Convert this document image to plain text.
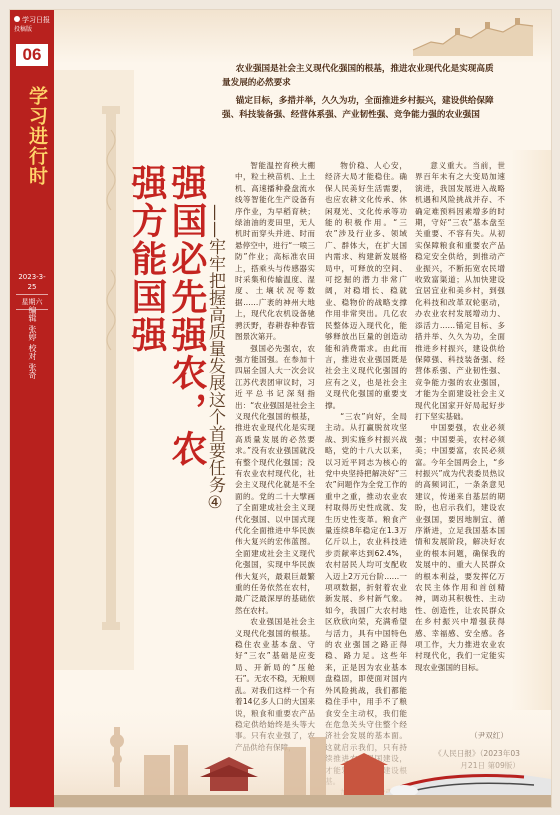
学习日报
投稿版
06
学习进行时
2023-3-25
星期六
编辑
张婷
校对
张奇

农业强国是社会主义现代化强国的根基，推进农业现代化是实现高质量发展的必然要求

锚定目标，多措并举，久久为功，全面推进乡村振兴，建设供给保障强、科技装备强、经营体系强、产业韧性强、竞争能力强的农业强国

强国必先强农，农强方能国强	——牢牢把握高质量发展这个首要任务④

智能温控育秧大棚中，粒土秧苗机、上土机、高速播种叠盘流水线等智能化生产设备有序作业，为早稻育秧；绿油油的麦田里，无人机时而穿头并进、时而悬停空中，进行“一喷三防”作业；高标准农田上，搭乘头与传感器实时采集和传输温度、湿度、土壤状况等数据……广袤的神州大地上，现代化农机设备驰骋沃野，春耕春种春管图景次第开。

强国必先强农，农强方能国强。在参加十四届全国人大一次会议江苏代表团审议时，习近平总书记深刻指出：“农业强国是社会主义现代化强国的根基，推进农业现代化是实现高质量发展的必然要求。”没有农业强国就没有整个现代化强国；没有农业农村现代化，社会主义现代化就是不全面的。党的二十大擘画了全面建成社会主义现代化强国、以中国式现代化全面推进中华民族伟大复兴的宏伟蓝图。全面建成社会主义现代化强国，实现中华民族伟大复兴，最艰巨最繁重的任务依然在农村，最广泛最深厚的基础依然在农村。

农业强国是社会主义现代化强国的根基。稳住农业基本盘、守好“三农”基础是应变局、开新局的“压舱石”。无农不稳，无粮则乱。对我们这样一个有

物价稳、人心安，经济大局才能稳住。确保人民美好生活需要，也应农耕文化传承、休闲观光、文化传承等功能的积极作用。“三农”涉及行业多、领域广、群体大，在扩大国内需求、构建新发展格局中，可释放的空间、可挖掘的潜力非常广阔，对稳增长、稳就业、稳物价的战略支撑作用非常突出。几亿农民整体迈入现代化，能够释放出巨量的创造动能和消费需求。由此而言，推进农业强国既是社会主义现代化强国的应有之义，也是社会主义现代化强国的重要支撑。

“三农”向好，全局主动。从打赢脱贫攻坚战、到实施乡村振兴战略，党的十八大以来，以习近平同志为核心的党中央坚持把解决好“三农”问题作为全党工作的重中之重，推动农业农村取得历史性成就、发生历史性变革。粮食产量连续8年稳定在1.3万亿斤以上，农业科技进步贡献率达到62.4%，农村居民人均可支配收入迈上2万元台阶……一项项数据，折射着农业新发展、乡村新气象。如今，我国广大农村地区欣欣向荣，充满希望与活力，具有中国特色的农业强国之路正得稳、路力足。这些年来，正是因为农业基本盘稳固，即使面对国内外风险挑战，我们都能

意义重大。当前，世界百年未有之大变局加速演进，我国发展进入战略机遇和风险挑战并存、不确定难预料因素增多的时期，守好“三农”基本盘至关重要、不容有失。从初实保障粮食和重要农产品稳定安全供给，到推动产业振兴，不断拓宽农民增收致富渠道；从加快建设宜居宜业和美乡村，到强化科技和改革双轮驱动，办农业农村发展增动力、添活力……锚定目标、多措并举、久久为功，全面推进乡村振兴，建设供给保障强、科技装备强、经营体系强、产业韧性强、竞争能力强的农业强国，才能为全面建设社会主义现代化国家开好局起好步打下坚实基础。

中国要强，农业必须强；中国要美，农村必须美；中国要富，农民必须富。今年全国两会上，“乡村振兴”成为代表委员热议的高频词汇，一条条意见建议，传递来自基层的期盼，也启示我们，建设农业强国，要因地制宜、循序渐进，立足我国基本国情和发展阶段，解决好农业的根本问题，确保我的发展中的、重大人民群众的根本利益，要发挥亿万农民主体作用和首创精神，调动其积极性、主动性、创造性，让农民群众在乡村振兴中增强获得感、幸福感、安全感。各项工作，大力推进农业农村现代化，我们一定能实现农业强国的目标。
